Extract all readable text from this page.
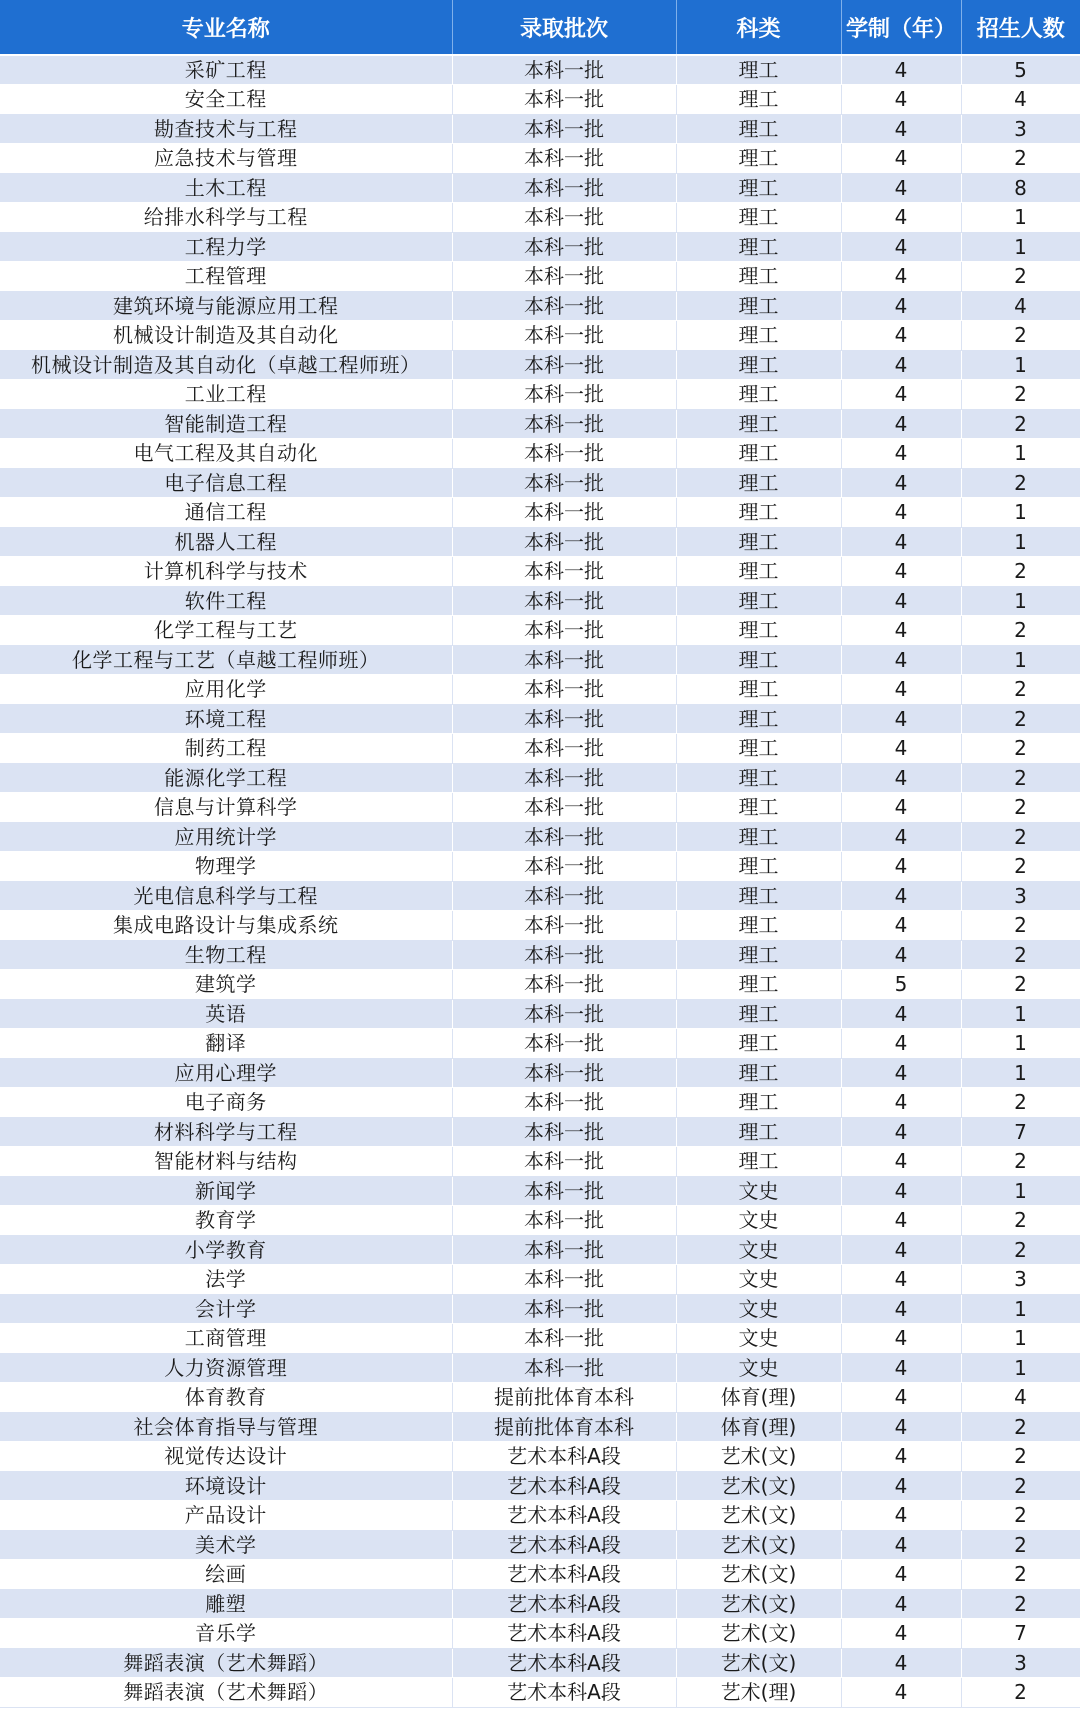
专业名称	录取批次	科类	学制（年）	招生人数
采矿工程	本科一批	理工	4	5
安全工程	本科一批	理工	4	4
勘查技术与工程	本科一批	理工	4	3
应急技术与管理	本科一批	理工	4	2
土木工程	本科一批	理工	4	8
给排水科学与工程	本科一批	理工	4	1
工程力学	本科一批	理工	4	1
工程管理	本科一批	理工	4	2
建筑环境与能源应用工程	本科一批	理工	4	4
机械设计制造及其自动化	本科一批	理工	4	2
机械设计制造及其自动化（卓越工程师班）	本科一批	理工	4	1
工业工程	本科一批	理工	4	2
智能制造工程	本科一批	理工	4	2
电气工程及其自动化	本科一批	理工	4	1
电子信息工程	本科一批	理工	4	2
通信工程	本科一批	理工	4	1
机器人工程	本科一批	理工	4	1
计算机科学与技术	本科一批	理工	4	2
软件工程	本科一批	理工	4	1
化学工程与工艺	本科一批	理工	4	2
化学工程与工艺（卓越工程师班）	本科一批	理工	4	1
应用化学	本科一批	理工	4	2
环境工程	本科一批	理工	4	2
制药工程	本科一批	理工	4	2
能源化学工程	本科一批	理工	4	2
信息与计算科学	本科一批	理工	4	2
应用统计学	本科一批	理工	4	2
物理学	本科一批	理工	4	2
光电信息科学与工程	本科一批	理工	4	3
集成电路设计与集成系统	本科一批	理工	4	2
生物工程	本科一批	理工	4	2
建筑学	本科一批	理工	5	2
英语	本科一批	理工	4	1
翻译	本科一批	理工	4	1
应用心理学	本科一批	理工	4	1
电子商务	本科一批	理工	4	2
材料科学与工程	本科一批	理工	4	7
智能材料与结构	本科一批	理工	4	2
新闻学	本科一批	文史	4	1
教育学	本科一批	文史	4	2
小学教育	本科一批	文史	4	2
法学	本科一批	文史	4	3
会计学	本科一批	文史	4	1
工商管理	本科一批	文史	4	1
人力资源管理	本科一批	文史	4	1
体育教育	提前批体育本科	体育(理)	4	4
社会体育指导与管理	提前批体育本科	体育(理)	4	2
视觉传达设计	艺术本科A段	艺术(文)	4	2
环境设计	艺术本科A段	艺术(文)	4	2
产品设计	艺术本科A段	艺术(文)	4	2
美术学	艺术本科A段	艺术(文)	4	2
绘画	艺术本科A段	艺术(文)	4	2
雕塑	艺术本科A段	艺术(文)	4	2
音乐学	艺术本科A段	艺术(文)	4	7
舞蹈表演（艺术舞蹈）	艺术本科A段	艺术(文)	4	3
舞蹈表演（艺术舞蹈）	艺术本科A段	艺术(理)	4	2
